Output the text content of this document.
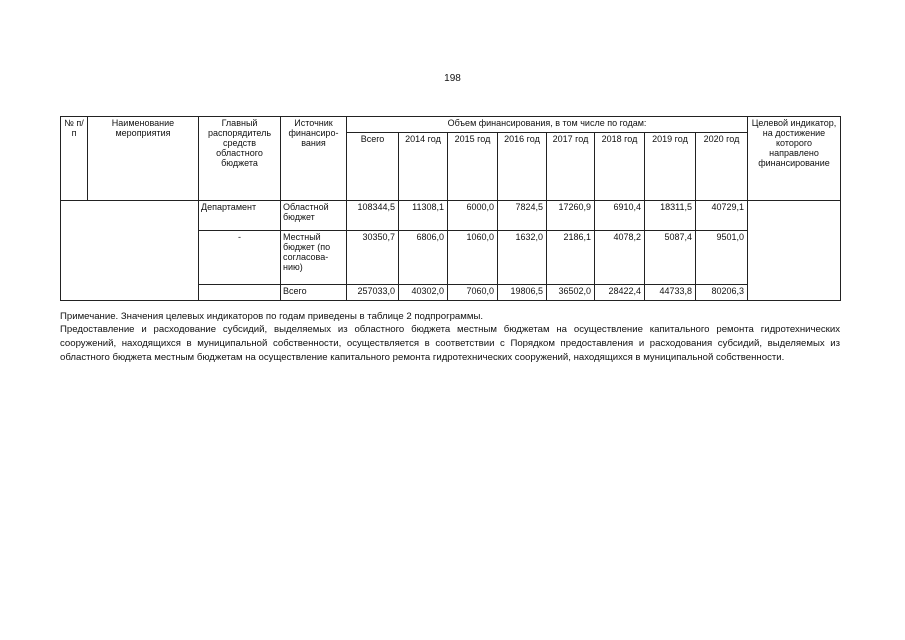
198
№ п/п	Наименование мероприятия	Главный распорядитель средств областного бюджета	Источник финансиро-вания	Объем финансирования, в том числе по годам:								Целевой индикатор, на достижение которого направлено финансирование
				Всего	2014 год	2015 год	2016 год	2017 год	2018 год	2019 год	2020 год	
		Департамент	Областной бюджет	108344,5	11308,1	6000,0	7824,5	17260,9	6910,4	18311,5	40729,1	
		-	Местный бюджет (по согласова-нию)	30350,7	6806,0	1060,0	1632,0	2186,1	4078,2	5087,4	9501,0	
			Всего	257033,0	40302,0	7060,0	19806,5	36502,0	28422,4	44733,8	80206,3	
Примечание. Значения целевых индикаторов по годам приведены в таблице 2 подпрограммы.
Предоставление и расходование субсидий, выделяемых из областного бюджета местным бюджетам на осуществление капитального ремонта гидротехнических сооружений, находящихся в муниципальной собственности, осуществляется в соответствии с Порядком предоставления и расходования субсидий, выделяемых из областного бюджета местным бюджетам на осуществление капитального ремонта гидротехнических сооружений, находящихся в муниципальной собственности.
